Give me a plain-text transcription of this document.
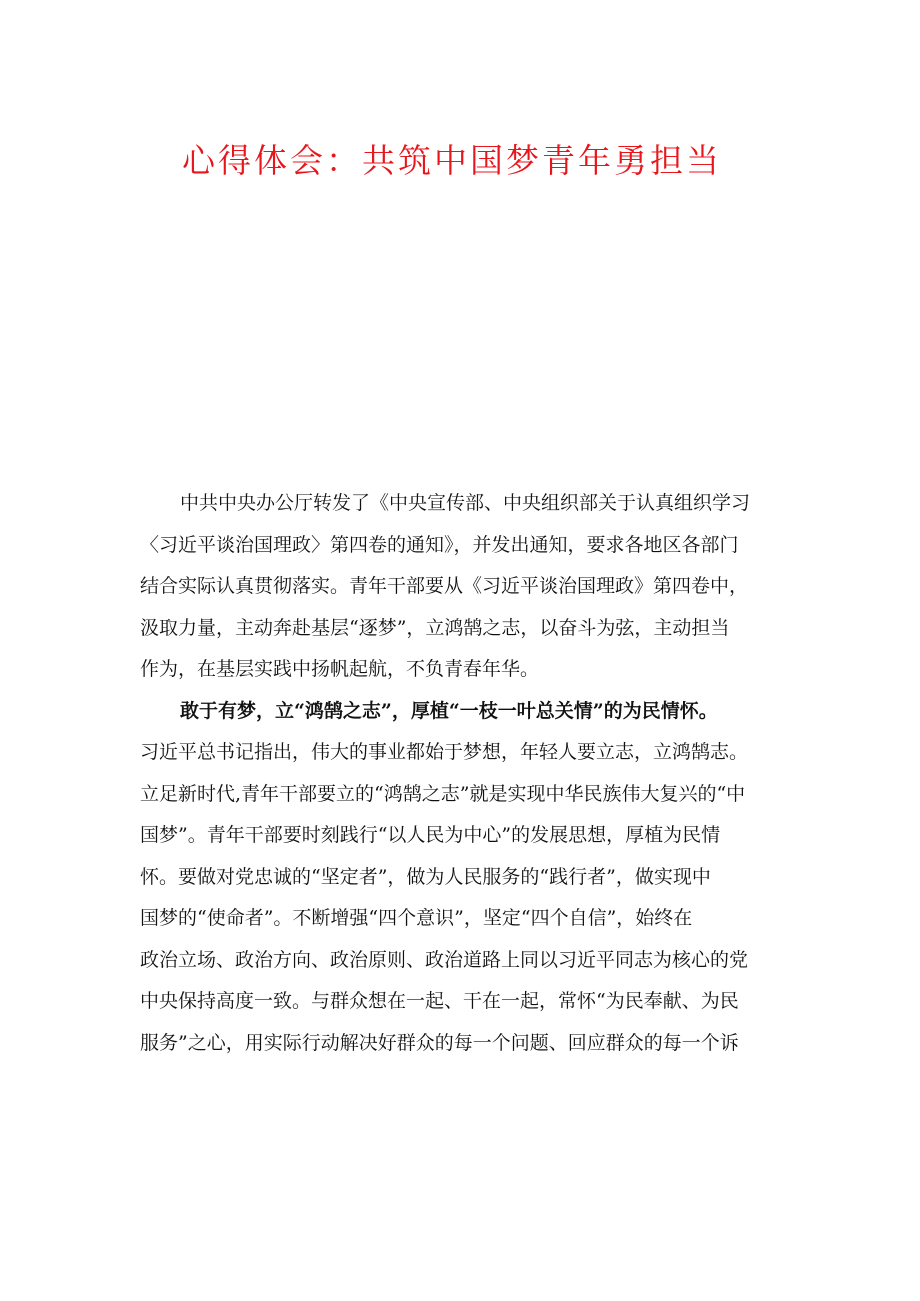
心得体会：共筑中国梦青年勇担当
中共中央办公厅转发了《中央宣传部、中央组织部关于认真组织学习
〈习近平谈治国理政〉第四卷的通知》，并发出通知，要求各地区各部门
结合实际认真贯彻落实。青年干部要从《习近平谈治国理政》第四卷中，
汲取力量，主动奔赴基层“逐梦”，立鸿鹄之志，以奋斗为弦，主动担当
作为，在基层实践中扬帆起航，不负青春年华。
敢于有梦，立“鸿鹄之志”，厚植“一枝一叶总关情”的为民情怀。
习近平总书记指出，伟大的事业都始于梦想，年轻人要立志，立鸿鹄志。
立足新时代,青年干部要立的“鸿鹄之志”就是实现中华民族伟大复兴的“中
国梦”。青年干部要时刻践行“以人民为中心”的发展思想，厚植为民情
怀。要做对党忠诚的“坚定者”，做为人民服务的“践行者”，做实现中
国梦的“使命者”。不断增强“四个意识”，坚定“四个自信”，始终在
政治立场、政治方向、政治原则、政治道路上同以习近平同志为核心的党
中央保持高度一致。与群众想在一起、干在一起，常怀“为民奉献、为民
服务”之心，用实际行动解决好群众的每一个问题、回应群众的每一个诉
